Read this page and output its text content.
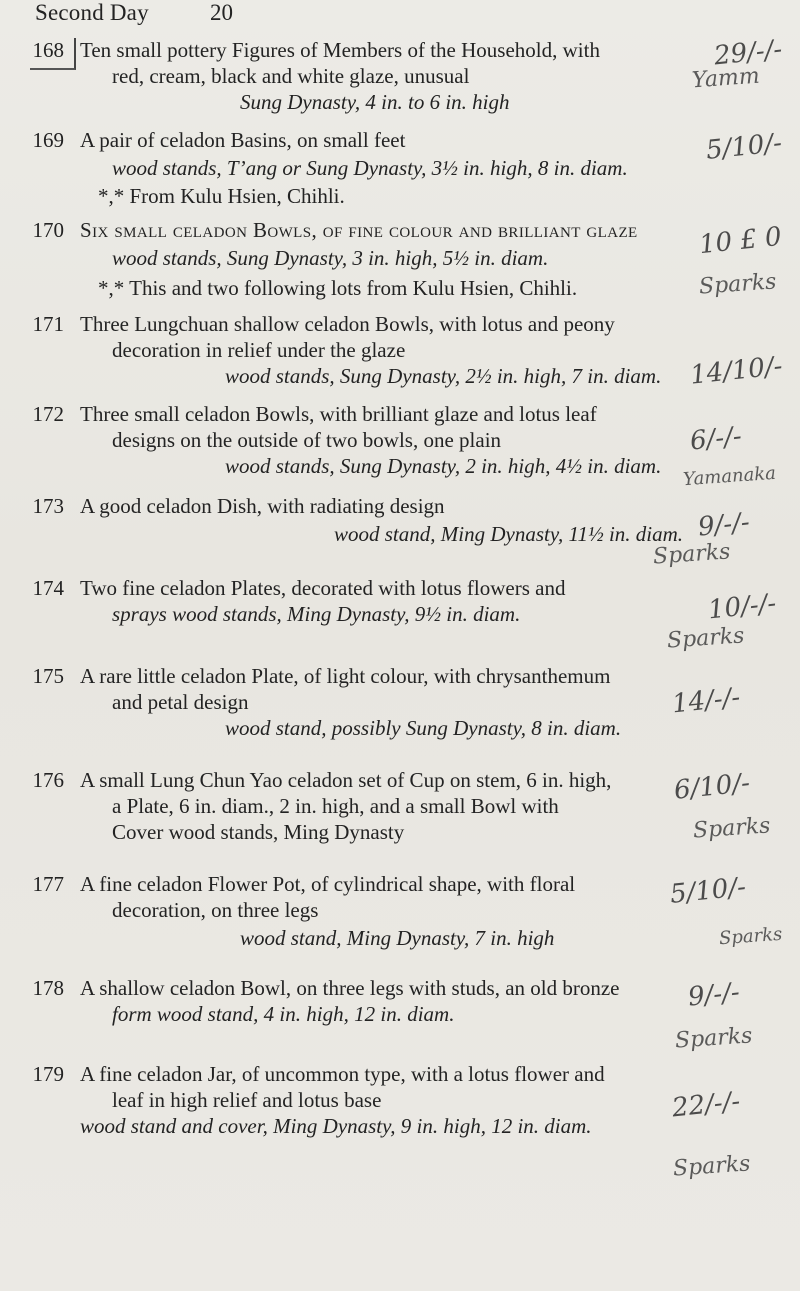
Second Day	20
168 Ten small pottery Figures of Members of the Household, with
red, cream, black and white glaze, unusual
Sung Dynasty, 4 in. to 6 in. high
29/-/-
Yamm
169 A pair of celadon Basins, on small feet
wood stands, T’ang or Sung Dynasty, 3½ in. high, 8 in. diam.
*,* From Kulu Hsien, Chihli.
5/10/-
170 Six small celadon Bowls, of fine colour and brilliant glaze
wood stands, Sung Dynasty, 3 in. high, 5½ in. diam.
*,* This and two following lots from Kulu Hsien, Chihli.
10 £ 0
Sparks
171 Three Lungchuan shallow celadon Bowls, with lotus and peony
decoration in relief under the glaze
wood stands, Sung Dynasty, 2½ in. high, 7 in. diam. 14/10/-
172 Three small celadon Bowls, with brilliant glaze and lotus leaf
designs on the outside of two bowls, one plain
wood stands, Sung Dynasty, 2 in. high, 4½ in. diam.
6/-/-
Yamanaka
173 A good celadon Dish, with radiating design
wood stand, Ming Dynasty, 11½ in. diam. 9/-/-
Sparks
174 Two fine celadon Plates, decorated with lotus flowers and
sprays wood stands, Ming Dynasty, 9½ in. diam.	10/-/-
Sparks
175 A rare little celadon Plate, of light colour, with chrysanthemum
and petal design
wood stand, possibly Sung Dynasty, 8 in. diam.
14/-/-
176 A small Lung Chun Yao celadon set of Cup on stem, 6 in. high,
a Plate, 6 in. diam., 2 in. high, and a small Bowl with
Cover wood stands, Ming Dynasty
6/10/-
Sparks
177 A fine celadon Flower Pot, of cylindrical shape, with floral
decoration, on three legs
wood stand, Ming Dynasty, 7 in. high
5/10/-
Sparks
178 A shallow celadon Bowl, on three legs with studs, an old bronze
form wood stand, 4 in. high, 12 in. diam.
9/-/-
Sparks
179 A fine celadon Jar, of uncommon type, with a lotus flower and
leaf in high relief and lotus base
wood stand and cover, Ming Dynasty, 9 in. high, 12 in. diam.
22/-/-
Sparks
